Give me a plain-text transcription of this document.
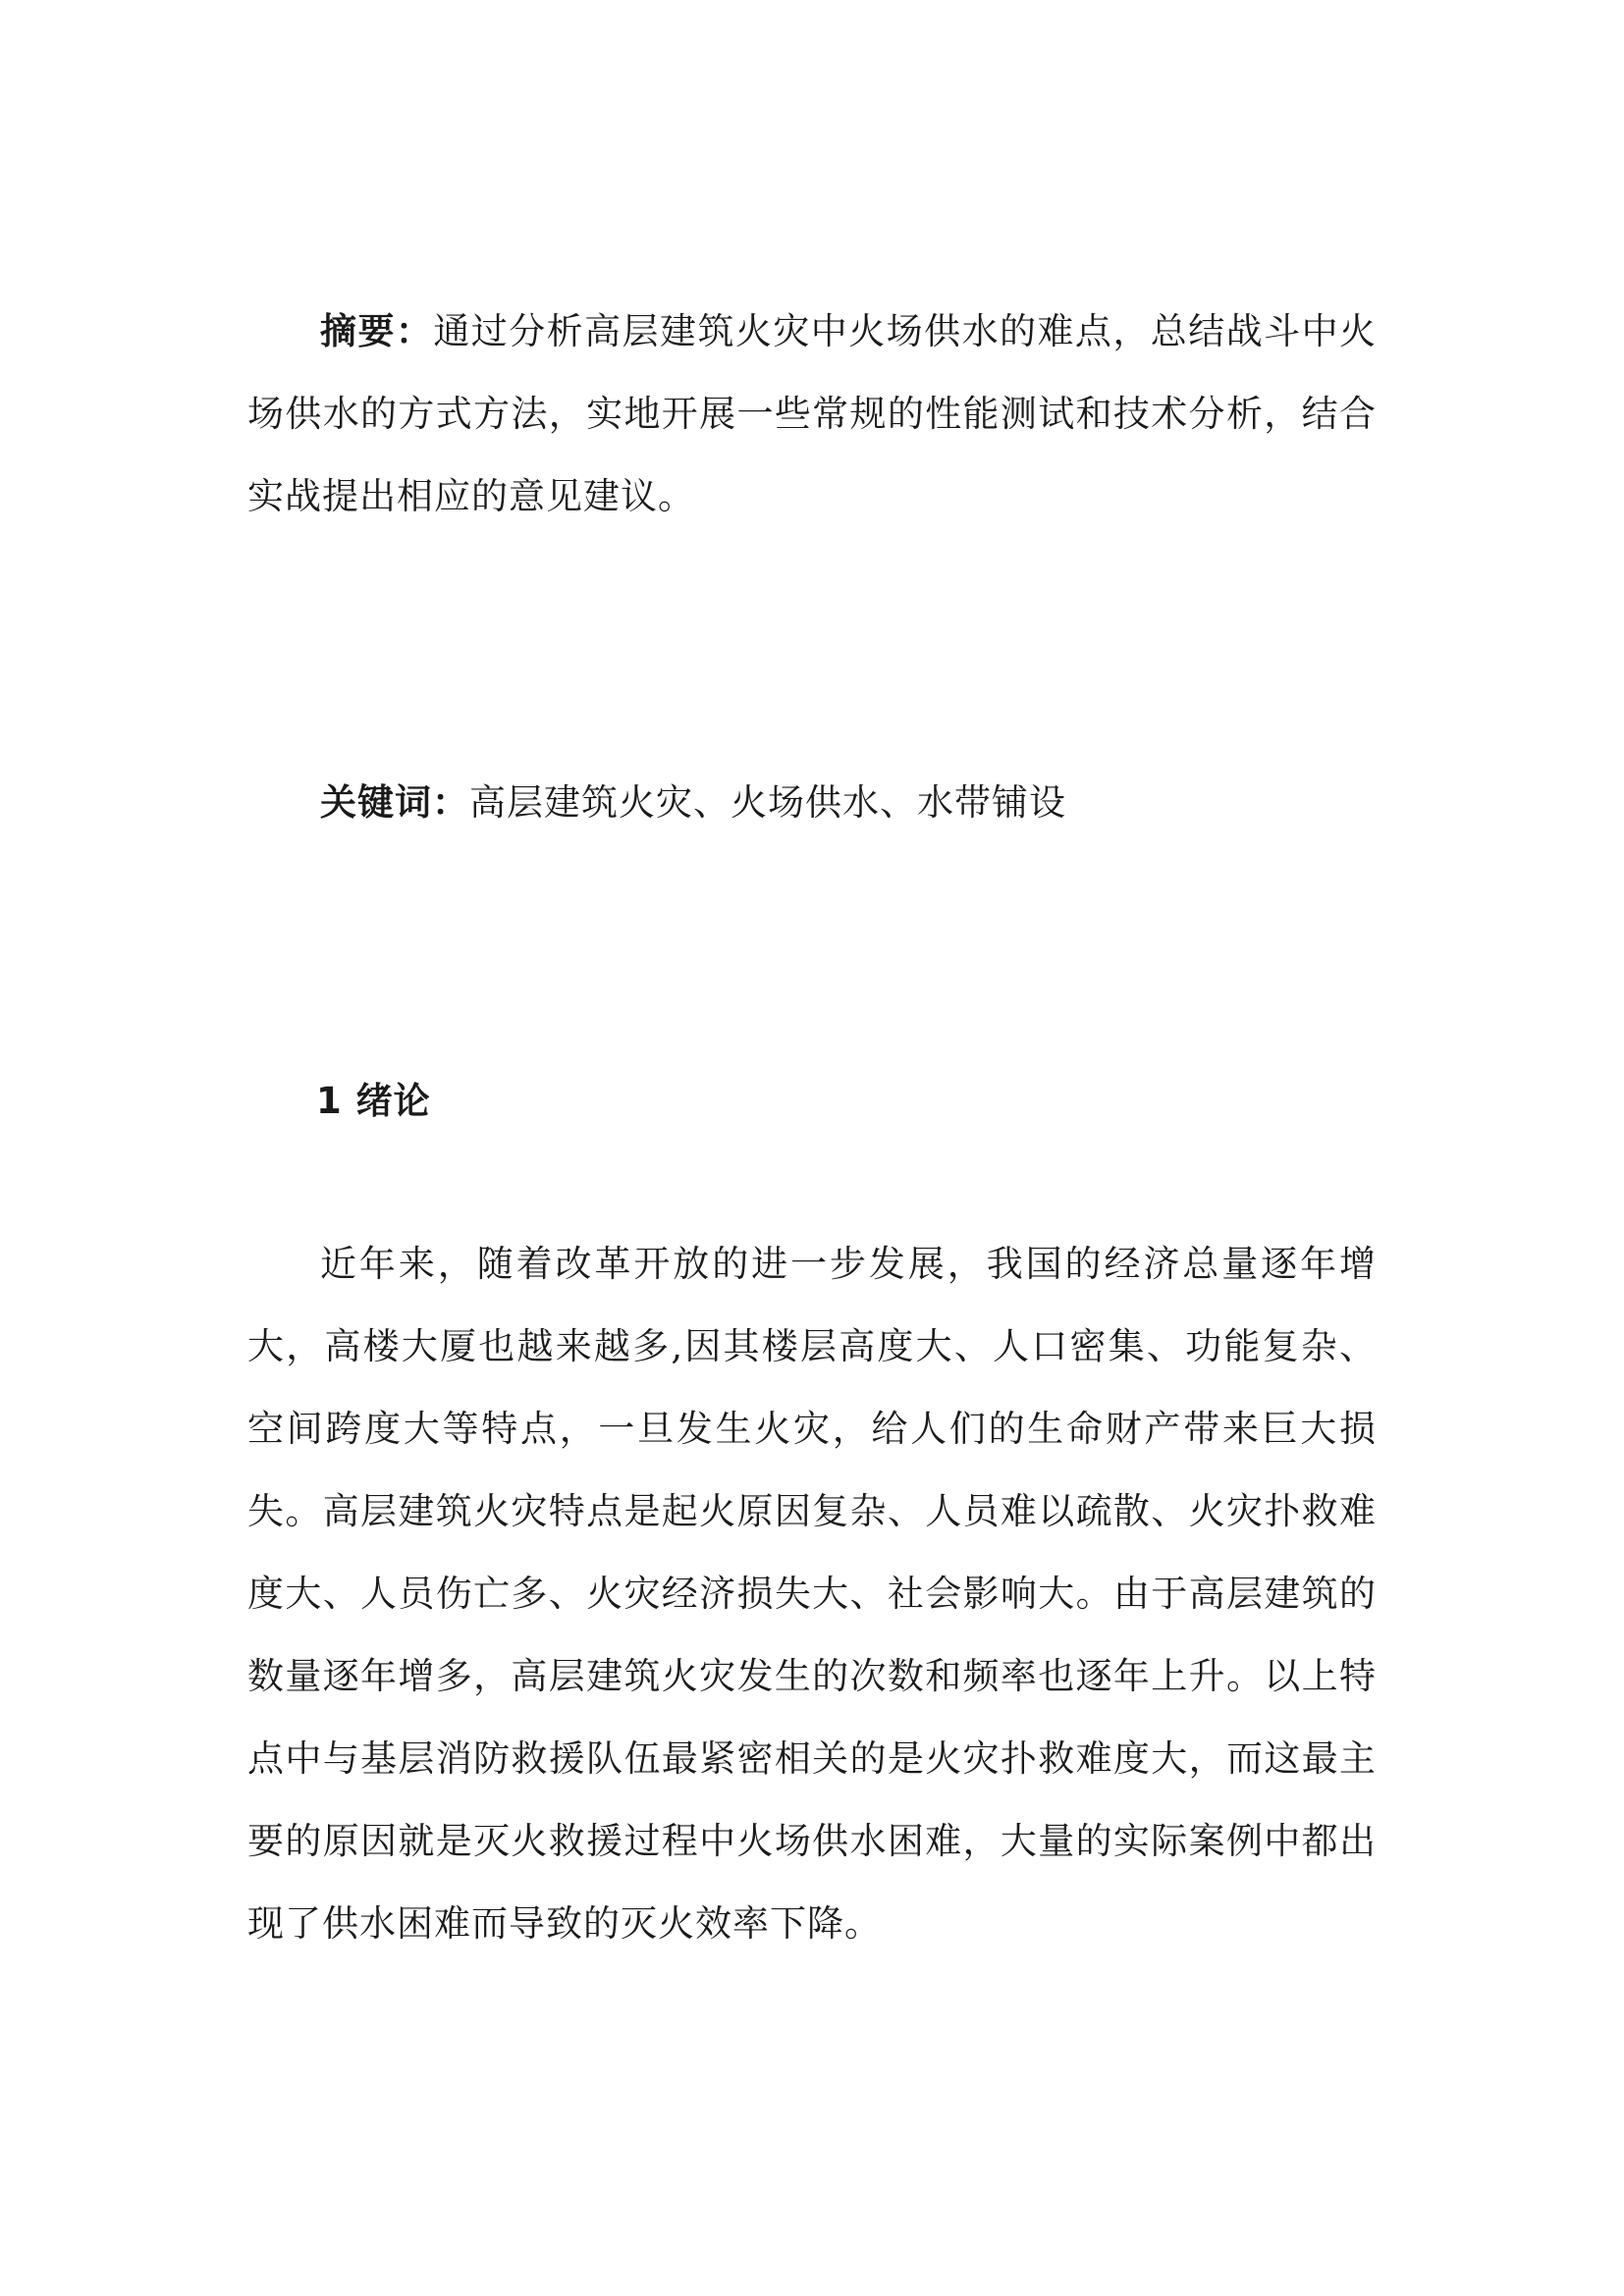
摘要：通过分析高层建筑火灾中火场供水的难点，总结战斗中火场供水的方式方法，实地开展一些常规的性能测试和技术分析，结合实战提出相应的意见建议。

关键词：高层建筑火灾、火场供水、水带铺设

1 绪论

近年来，随着改革开放的进一步发展，我国的经济总量逐年增大，高楼大厦也越来越多,因其楼层高度大、人口密集、功能复杂、空间跨度大等特点，一旦发生火灾，给人们的生命财产带来巨大损失。高层建筑火灾特点是起火原因复杂、人员难以疏散、火灾扑救难度大、人员伤亡多、火灾经济损失大、社会影响大。由于高层建筑的数量逐年增多，高层建筑火灾发生的次数和频率也逐年上升。以上特点中与基层消防救援队伍最紧密相关的是火灾扑救难度大，而这最主要的原因就是灭火救援过程中火场供水困难，大量的实际案例中都出现了供水困难而导致的灭火效率下降。
